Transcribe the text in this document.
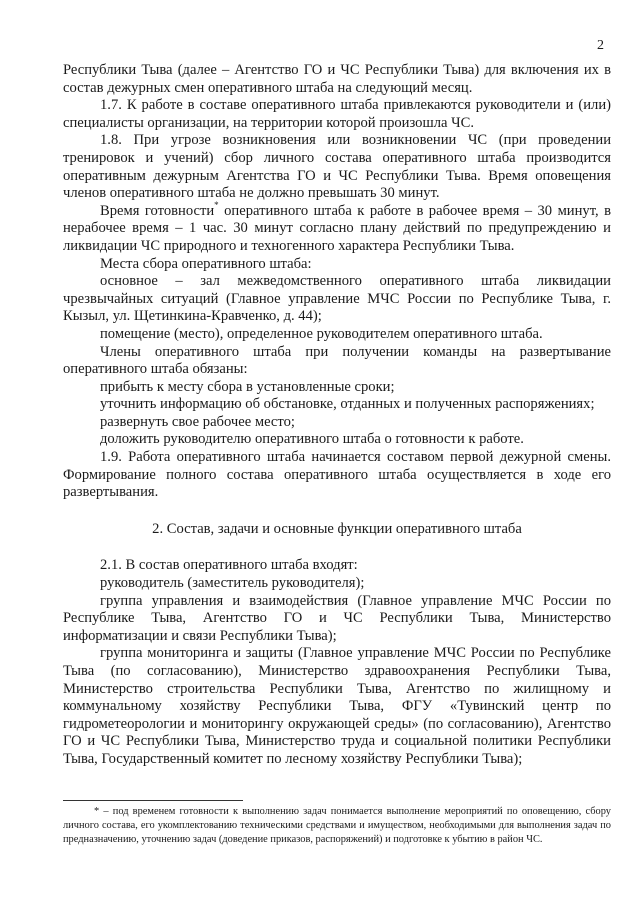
2

Республики Тыва (далее – Агентство ГО и ЧС Республики Тыва) для включения их в состав дежурных смен оперативного штаба на следующий месяц.

1.7. К работе в составе оперативного штаба привлекаются руководители и (или) специалисты организации, на территории которой произошла ЧС.

1.8. При угрозе возникновения или возникновении ЧС (при проведении тренировок и учений) сбор личного состава оперативного штаба производится оперативным дежурным Агентства ГО и ЧС Республики Тыва. Время оповещения членов оперативного штаба не должно превышать 30 минут.

Время готовности* оперативного штаба к работе в рабочее время – 30 минут, в нерабочее время – 1 час. 30 минут согласно плану действий по предупреждению и ликвидации ЧС природного и техногенного характера Республики Тыва.

Места сбора оперативного штаба:

основное – зал межведомственного оперативного штаба ликвидации чрезвычайных ситуаций (Главное управление МЧС России по Республике Тыва, г. Кызыл, ул. Щетинкина-Кравченко, д. 44);

помещение (место), определенное руководителем оперативного штаба.

Члены оперативного штаба при получении команды на развертывание оперативного штаба обязаны:

прибыть к месту сбора в установленные сроки;

уточнить информацию об обстановке, отданных и полученных распоряжениях;

развернуть свое рабочее место;

доложить руководителю оперативного штаба о готовности к работе.

1.9. Работа оперативного штаба начинается составом первой дежурной смены. Формирование полного состава оперативного штаба осуществляется в ходе его развертывания.

2. Состав, задачи и основные функции оперативного штаба

2.1. В состав оперативного штаба входят:

руководитель (заместитель руководителя);

группа управления и взаимодействия (Главное управление МЧС России по Республике Тыва, Агентство ГО и ЧС Республики Тыва, Министерство информатизации и связи Республики Тыва);

группа мониторинга и защиты (Главное управление МЧС России по Республике Тыва (по согласованию), Министерство здравоохранения Республики Тыва, Министерство строительства Республики Тыва, Агентство по жилищному и коммунальному хозяйству Республики Тыва, ФГУ «Тувинский центр по гидрометеорологии и мониторингу окружающей среды» (по согласованию), Агентство ГО и ЧС Республики Тыва, Министерство труда и социальной политики Республики Тыва, Государственный комитет по лесному хозяйству Республики Тыва);

* – под временем готовности к выполнению задач понимается выполнение мероприятий по оповещению, сбору личного состава, его укомплектованию техническими средствами и имуществом, необходимыми для выполнения задач по предназначению, уточнению задач (доведение приказов, распоряжений) и подготовке к убытию в район ЧС.
